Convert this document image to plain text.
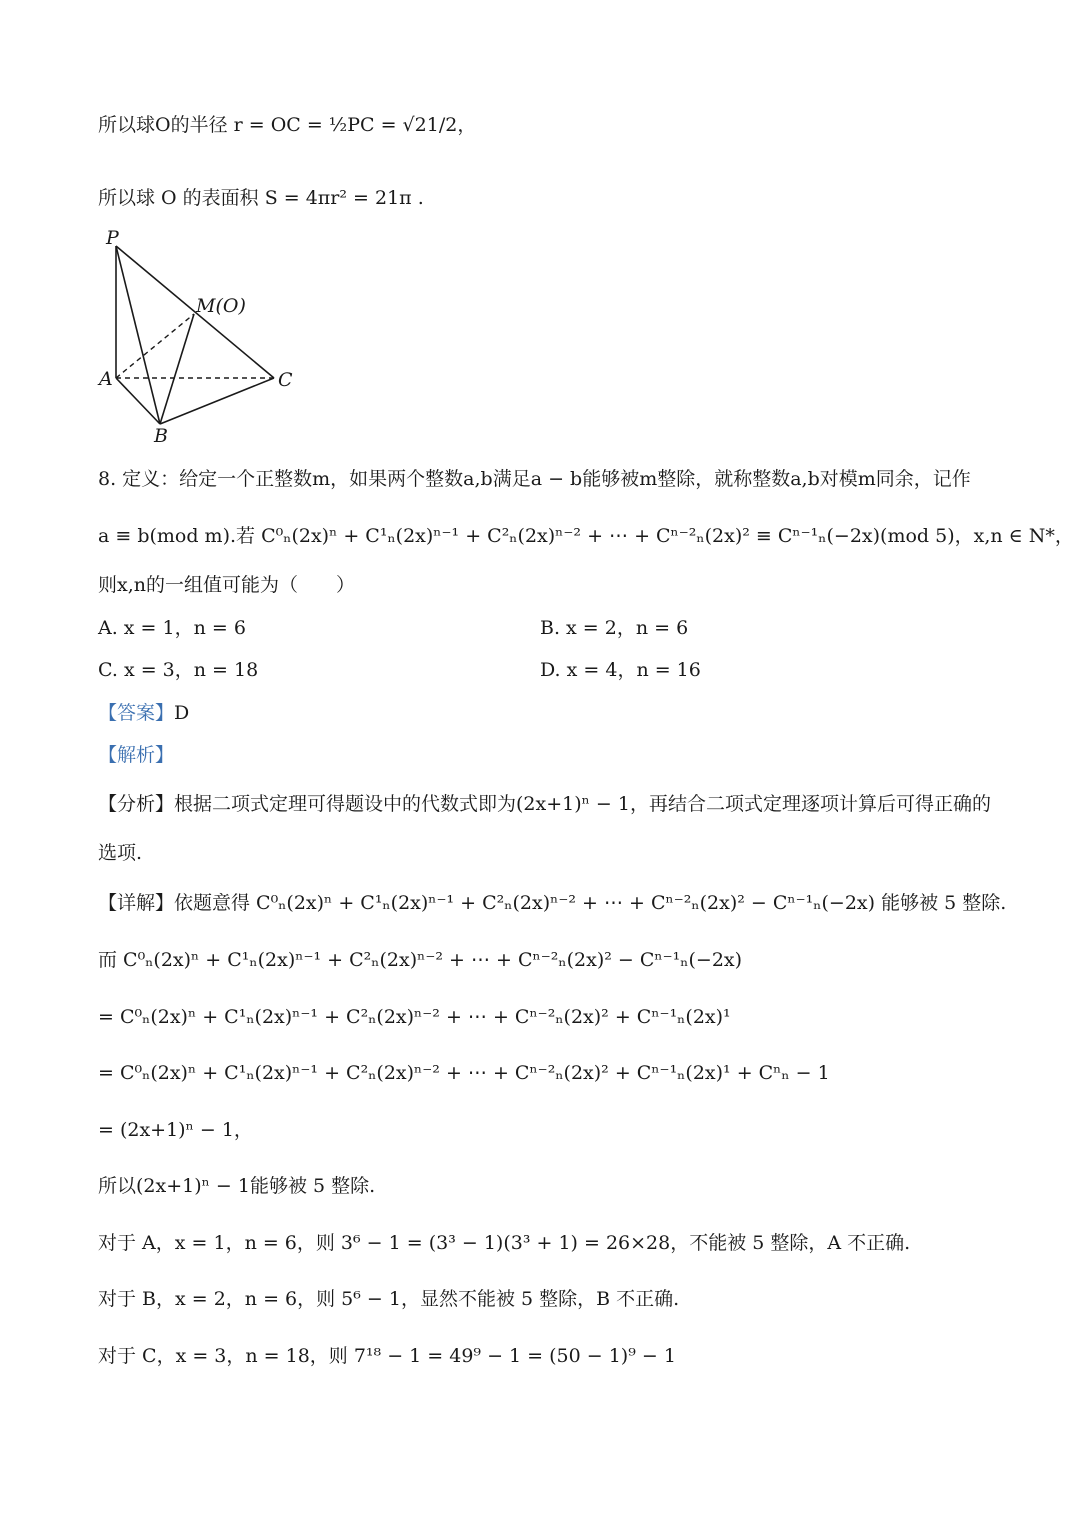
所以球O的半径 r = OC = ½PC = √21/2，
所以球 O 的表面积 S = 4πr² = 21π .
P
M(O)
A	C
B
8. 定义：给定一个正整数m，如果两个整数a,b满足a − b能够被m整除，就称整数a,b对模m同余，记作
a ≡ b(mod m).若 C⁰ₙ(2x)ⁿ + C¹ₙ(2x)ⁿ⁻¹ + C²ₙ(2x)ⁿ⁻² + ⋯ + Cⁿ⁻²ₙ(2x)² ≡ Cⁿ⁻¹ₙ(−2x)(mod 5)，x,n ∈ N*，
则x,n的一组值可能为（　　）
A. x = 1，n = 6	B. x = 2，n = 6
C. x = 3，n = 18	D. x = 4，n = 16
【答案】D
【解析】
【分析】根据二项式定理可得题设中的代数式即为(2x+1)ⁿ − 1，再结合二项式定理逐项计算后可得正确的
选项.
【详解】依题意得 C⁰ₙ(2x)ⁿ + C¹ₙ(2x)ⁿ⁻¹ + C²ₙ(2x)ⁿ⁻² + ⋯ + Cⁿ⁻²ₙ(2x)² − Cⁿ⁻¹ₙ(−2x) 能够被 5 整除.
而 C⁰ₙ(2x)ⁿ + C¹ₙ(2x)ⁿ⁻¹ + C²ₙ(2x)ⁿ⁻² + ⋯ + Cⁿ⁻²ₙ(2x)² − Cⁿ⁻¹ₙ(−2x)
= C⁰ₙ(2x)ⁿ + C¹ₙ(2x)ⁿ⁻¹ + C²ₙ(2x)ⁿ⁻² + ⋯ + Cⁿ⁻²ₙ(2x)² + Cⁿ⁻¹ₙ(2x)¹
= C⁰ₙ(2x)ⁿ + C¹ₙ(2x)ⁿ⁻¹ + C²ₙ(2x)ⁿ⁻² + ⋯ + Cⁿ⁻²ₙ(2x)² + Cⁿ⁻¹ₙ(2x)¹ + Cⁿₙ − 1
= (2x+1)ⁿ − 1，
所以(2x+1)ⁿ − 1能够被 5 整除.
对于 A，x = 1，n = 6，则 3⁶ − 1 = (3³ − 1)(3³ + 1) = 26×28，不能被 5 整除，A 不正确.
对于 B，x = 2，n = 6，则 5⁶ − 1，显然不能被 5 整除，B 不正确.
对于 C，x = 3，n = 18，则 7¹⁸ − 1 = 49⁹ − 1 = (50 − 1)⁹ − 1
